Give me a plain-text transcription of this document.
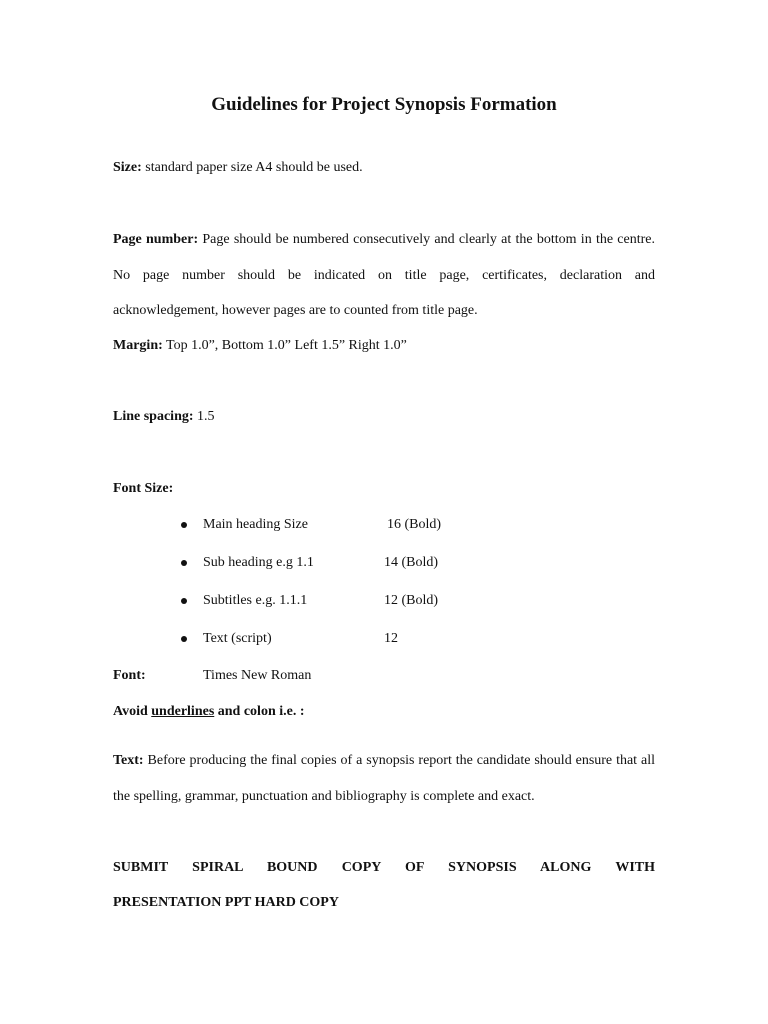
Guidelines for Project Synopsis Formation
Size: standard paper size A4 should be used.
Page number: Page should be numbered consecutively and clearly at the bottom in the centre. No page number should be indicated on title page, certificates, declaration and acknowledgement, however pages are to counted from title page.
Margin: Top 1.0”, Bottom 1.0” Left 1.5” Right 1.0”
Line spacing: 1.5
Font Size:
Main heading Size	16 (Bold)
Sub heading e.g 1.1	14 (Bold)
Subtitles e.g. 1.1.1	12 (Bold)
Text (script)	12
Font:	Times New Roman
Avoid underlines and colon i.e. :
Text: Before producing the final copies of a synopsis report the candidate should ensure that all the spelling, grammar, punctuation and bibliography is complete and exact.
SUBMIT SPIRAL BOUND COPY OF SYNOPSIS ALONG WITH
PRESENTATION PPT HARD COPY
